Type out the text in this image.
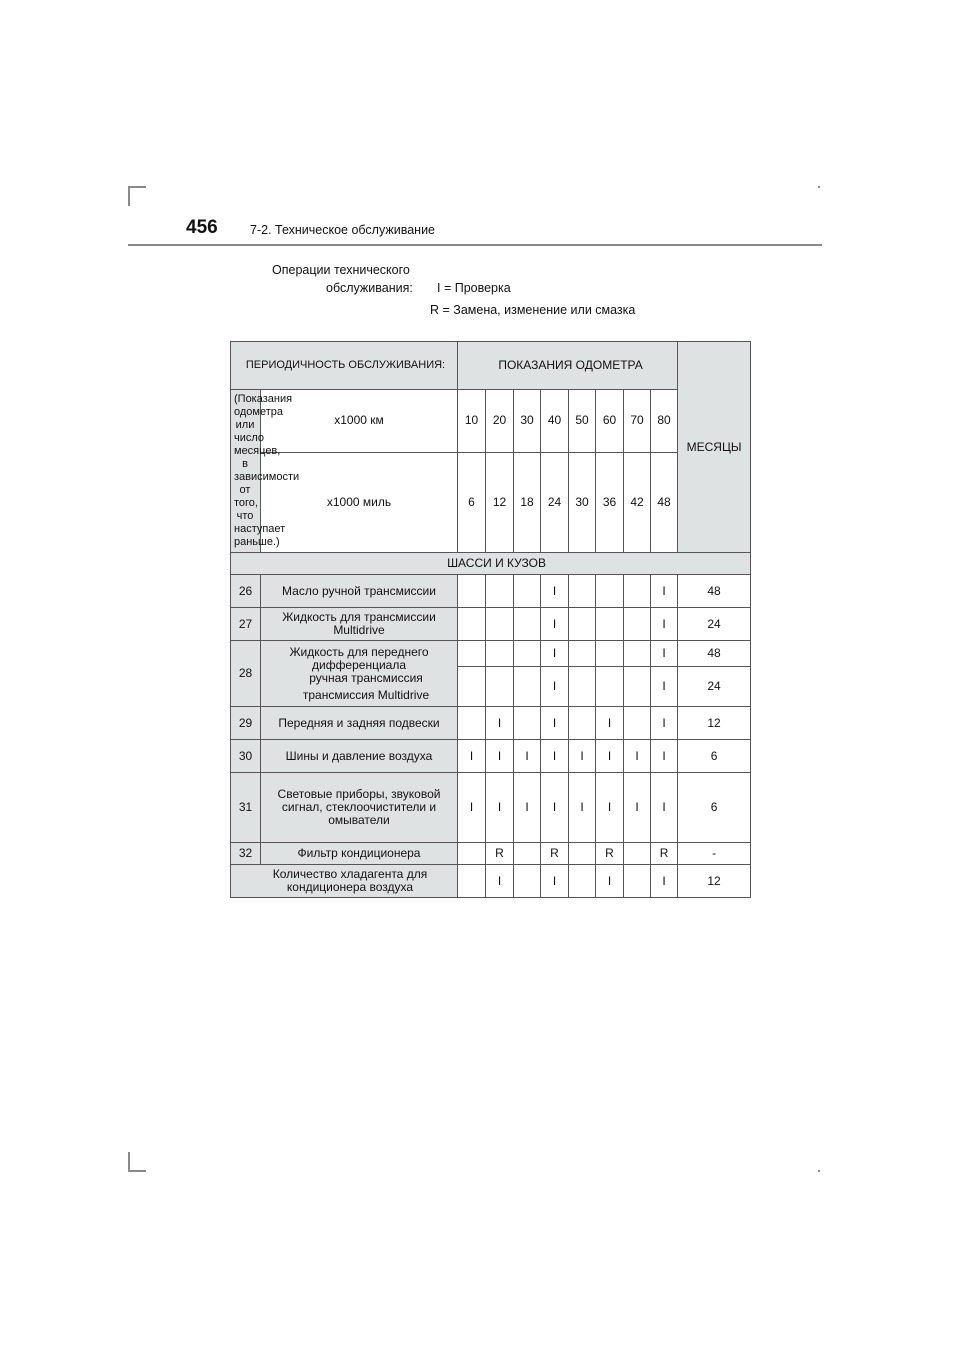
456	7-2. Техническое обслуживание
Операции технического
обслуживания: I = Проверка
R = Замена, изменение или смазка
ПЕРИОДИЧНОСТЬ ОБСЛУЖИВАНИЯ:		ПОКАЗАНИЯ ОДОМЕТРА								МЕСЯЦЫ
(Показания одометра или число месяцев, в зависимости от того, что наступает раньше.)	x1000 км	10	20	30	40	50	60	70	80	
	x1000 миль	6	12	18	24	30	36	42	48	
ШАССИ И КУЗОВ										
26	Масло ручной трансмиссии				I				I	48
27	Жидкость для трансмиссии Multidrive				I				I	24
28	Жидкость для переднего дифференциала
ручная трансмиссия
трансмиссия Multidrive				I				I	48
					I				I	24
29	Передняя и задняя подвески		I		I		I		I	12
30	Шины и давление воздуха	I	I	I	I	I	I	I	I	6
31	Световые приборы, звуковой сигнал, стеклоочистители и омыватели	I	I	I	I	I	I	I	I	6
32	Фильтр кондиционера		R		R		R		R	-
Количество хладагента для кондиционера воздуха			I		I		I		I	12
